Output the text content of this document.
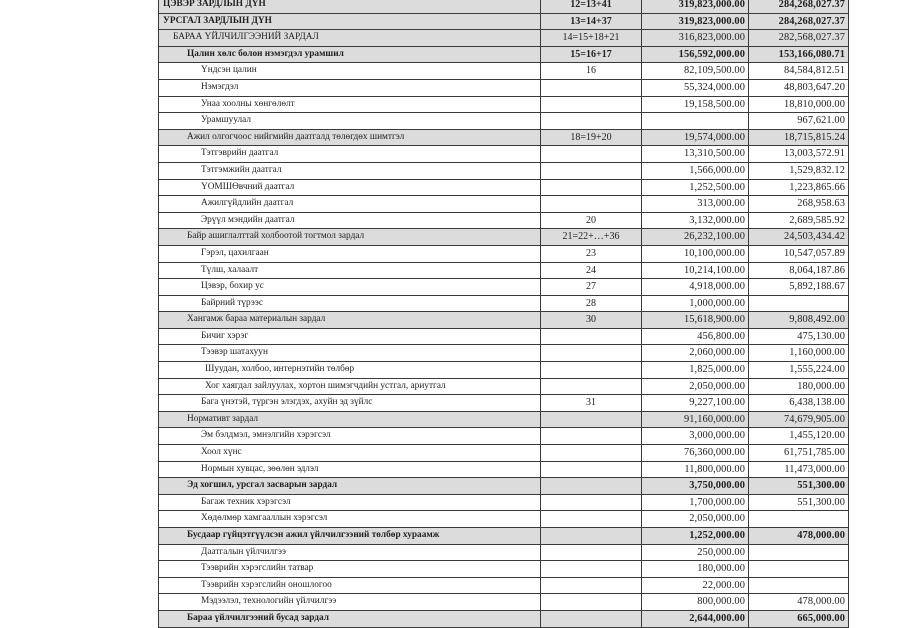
ЦЭВЭР ЗАРДЛЫН ДҮН	12=13+41	319,823,000.00	284,268,027.37
УРСГАЛ ЗАРДЛЫН ДҮН	13=14+37	319,823,000.00	284,268,027.37
БАРАА ҮЙЛЧИЛГЭЭНИЙ ЗАРДАЛ	14=15+18+21	316,823,000.00	282,568,027.37
Цалин хөлс болон нэмэгдэл урамшил	15=16+17	156,592,000.00	153,166,080.71
Үндсэн цалин	16	82,109,500.00	84,584,812.51
Нэмэгдэл		55,324,000.00	48,803,647.20
Унаа хоолны хөнгөлөлт		19,158,500.00	18,810,000.00
Урамшуулал			967,621.00
Ажил олгогчоос нийгмийн даатгалд төлөгдөх шимтгэл	18=19+20	19,574,000.00	18,715,815.24
Тэтгэврийн даатгал		13,310,500.00	13,003,572.91
Тэтгэмжийн даатгал		1,566,000.00	1,529,832.12
ҮОМШӨвчний даатгал		1,252,500.00	1,223,865.66
Ажилгүйдлийн даатгал		313,000.00	268,958.63
Эрүүл мэндийн даатгал	20	3,132,000.00	2,689,585.92
Байр ашиглалттай холбоотой тогтмол зардал	21=22+…+36	26,232,100.00	24,503,434.42
Гэрэл, цахилгаан	23	10,100,000.00	10,547,057.89
Түлш, халаалт	24	10,214,100.00	8,064,187.86
Цэвэр, бохир ус	27	4,918,000.00	5,892,188.67
Байрний түрээс	28	1,000,000.00	
Хангамж бараа материалын зардал	30	15,618,900.00	9,808,492.00
Бичиг хэрэг		456,800.00	475,130.00
Тээвэр шатахуун		2,060,000.00	1,160,000.00
Шуудан, холбоо, интернэтийн төлбөр		1,825,000.00	1,555,224.00
Хог хаягдал зайлуулах, хортон шимэгчдийн устгал, ариутгал		2,050,000.00	180,000.00
Бага үнэтэй, түргэн элэгдэх, ахуйн эд зүйлс	31	9,227,100.00	6,438,138.00
Нормативт зардал		91,160,000.00	74,679,905.00
Эм бэлдмэл, эмнэлгийн хэрэгсэл		3,000,000.00	1,455,120.00
Хоол хүнс		76,360,000.00	61,751,785.00
Нормын хувцас, зөөлөн эдлэл		11,800,000.00	11,473,000.00
Эд хогшил, урсгал засварын зардал		3,750,000.00	551,300.00
Багаж техник хэрэгсэл		1,700,000.00	551,300.00
Хөдөлмөр хамгааллын хэрэгсэл		2,050,000.00	
Бусдаар гүйцэтгүүлсэн ажил үйлчилгээний төлбөр хураамж		1,252,000.00	478,000.00
Даатгалын үйлчилгээ		250,000.00	
Тээврийн хэрэгслийн татвар		180,000.00	
Тээврийн хэрэгслийн оношлогоо		22,000.00	
Мэдээлэл, технологийн үйлчилгээ		800,000.00	478,000.00
Бараа үйлчилгээний бусад зардал		2,644,000.00	665,000.00
